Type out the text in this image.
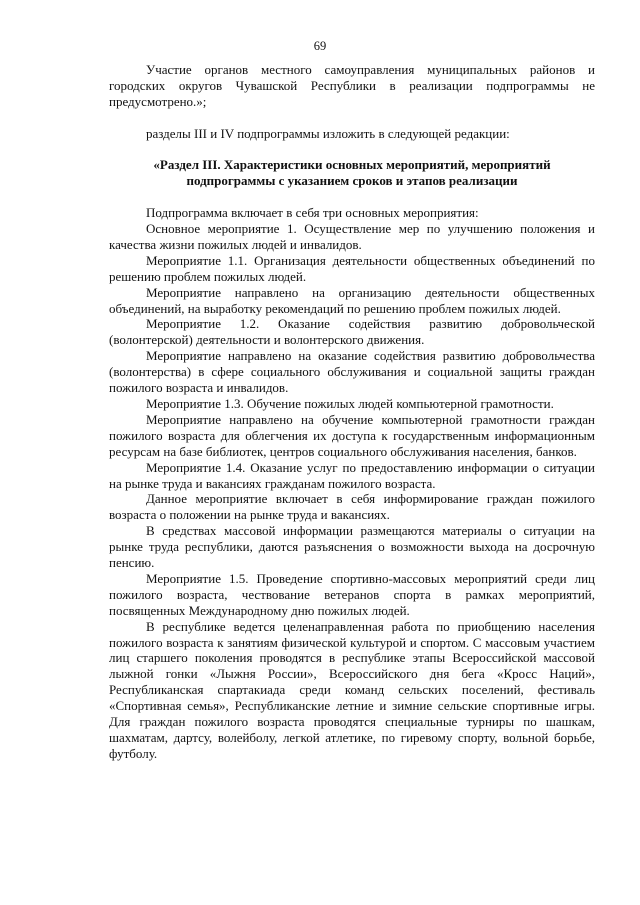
69

Участие органов местного самоуправления муниципальных районов и городских округов Чувашской Республики в реализации подпрограммы не предусмотрено.»;

разделы III и IV подпрограммы изложить в следующей редакции:

«Раздел III. Характеристики основных мероприятий, мероприятий подпрограммы с указанием сроков и этапов реализации

Подпрограмма включает в себя три основных мероприятия:

Основное мероприятие 1. Осуществление мер по улучшению положения и качества жизни пожилых людей и инвалидов.

Мероприятие 1.1. Организация деятельности общественных объединений по решению проблем пожилых людей.

Мероприятие направлено на организацию деятельности общественных объединений, на выработку рекомендаций по решению проблем пожилых людей.

Мероприятие 1.2. Оказание содействия развитию добровольческой (волонтерской) деятельности и волонтерского движения.

Мероприятие направлено на оказание содействия развитию добровольчества (волонтерства) в сфере социального обслуживания и социальной защиты граждан пожилого возраста и инвалидов.

Мероприятие 1.3. Обучение пожилых людей компьютерной грамотности.

Мероприятие направлено на обучение компьютерной грамотности граждан пожилого возраста для облегчения их доступа к государственным информационным ресурсам на базе библиотек, центров социального обслуживания населения, банков.

Мероприятие 1.4. Оказание услуг по предоставлению информации о ситуации на рынке труда и вакансиях гражданам пожилого возраста.

Данное мероприятие включает в себя информирование граждан пожилого возраста о положении на рынке труда и вакансиях.

В средствах массовой информации размещаются материалы о ситуации на рынке труда республики, даются разъяснения о возможности выхода на досрочную пенсию.

Мероприятие 1.5. Проведение спортивно-массовых мероприятий среди лиц пожилого возраста, чествование ветеранов спорта в рамках мероприятий, посвященных Международному дню пожилых людей.

В республике ведется целенаправленная работа по приобщению населения пожилого возраста к занятиям физической культурой и спортом. С массовым участием лиц старшего поколения проводятся в республике этапы Всероссийской массовой лыжной гонки «Лыжня России», Всероссийского дня бега «Кросс Наций», Республиканская спартакиада среди команд сельских поселений, фестиваль «Спортивная семья», Республиканские летние и зимние сельские спортивные игры. Для граждан пожилого возраста проводятся специальные турниры по шашкам, шахматам, дартсу, волейболу, легкой атлетике, по гиревому спорту, вольной борьбе, футболу.
